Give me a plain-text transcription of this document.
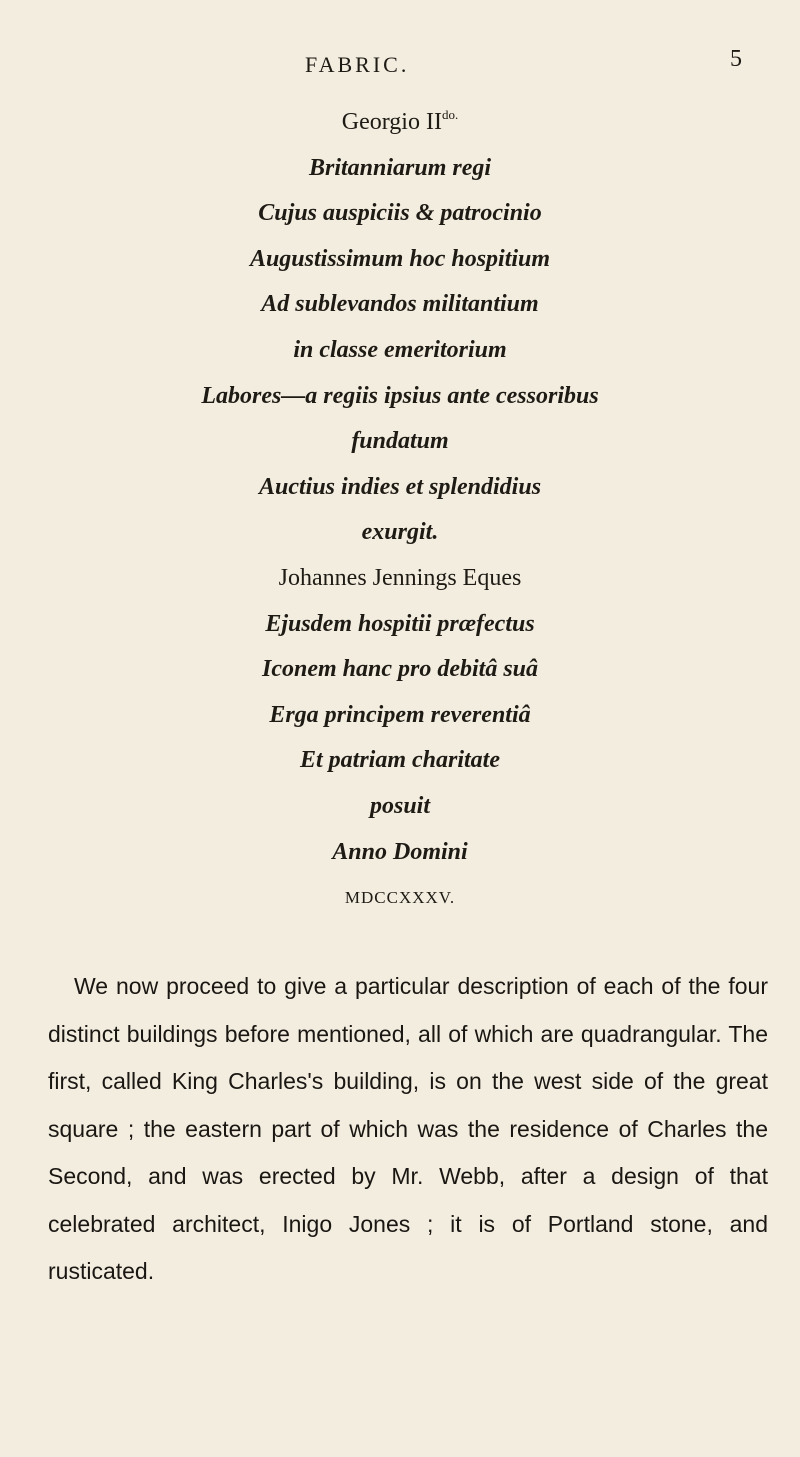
FABRIC.	5
Georgio $II^{do.}$
Britanniarum regi
Cujus auspiciis & patrocinio
Augustissimum hoc hospitium
Ad sublevandos militantium
in classe emeritorium
Labores—a regiis ipsius ante cessoribus
fundatum
Auctius indies et splendidius
exurgit.
Johannes Jennings Eques
Ejusdem hospitii præfectus
Iconem hanc pro debitâ suâ
Erga principem reverentiâ
Et patriam charitate
posuit
Anno Domini
MDCCXXXV.

We now proceed to give a particular description of each of the four distinct buildings before mentioned, all of which are quadrangular. The first, called King Charles's building, is on the west side of the great square ; the eastern part of which was the residence of Charles the Second, and was erected by Mr. Webb, after a design of that celebrated architect, Inigo Jones ; it is of Portland stone, and rusticated.
